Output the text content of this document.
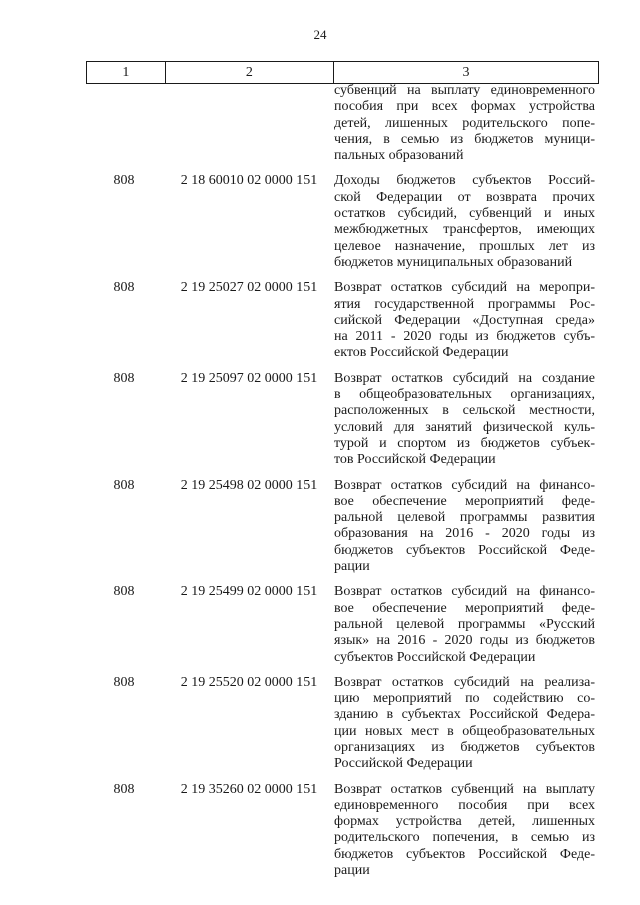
24
1	2	3
субвенций на выплату единовременного
пособия при всех формах устройства
детей, лишенных родительского попе-
чения, в семью из бюджетов муници-
пальных образований
808	2 18 60010 02 0000 151	Доходы бюджетов субъектов Россий-
ской Федерации от возврата прочих
остатков субсидий, субвенций и иных
межбюджетных трансфертов, имеющих
целевое назначение, прошлых лет из
бюджетов муниципальных образований
808	2 19 25027 02 0000 151	Возврат остатков субсидий на меропри-
ятия государственной программы Рос-
сийской Федерации «Доступная среда»
на 2011 - 2020 годы из бюджетов субъ-
ектов Российской Федерации
808	2 19 25097 02 0000 151	Возврат остатков субсидий на создание
в общеобразовательных организациях,
расположенных в сельской местности,
условий для занятий физической куль-
турой и спортом из бюджетов субъек-
тов Российской Федерации
808	2 19 25498 02 0000 151	Возврат остатков субсидий на финансо-
вое обеспечение мероприятий феде-
ральной целевой программы развития
образования на 2016 - 2020 годы из
бюджетов субъектов Российской Феде-
рации
808	2 19 25499 02 0000 151	Возврат остатков субсидий на финансо-
вое обеспечение мероприятий феде-
ральной целевой программы «Русский
язык» на 2016 - 2020 годы из бюджетов
субъектов Российской Федерации
808	2 19 25520 02 0000 151	Возврат остатков субсидий на реализа-
цию мероприятий по содействию со-
зданию в субъектах Российской Федера-
ции новых мест в общеобразовательных
организациях из бюджетов субъектов
Российской Федерации
808	2 19 35260 02 0000 151	Возврат остатков субвенций на выплату
единовременного пособия при всех
формах устройства детей, лишенных
родительского попечения, в семью из
бюджетов субъектов Российской Феде-
рации
